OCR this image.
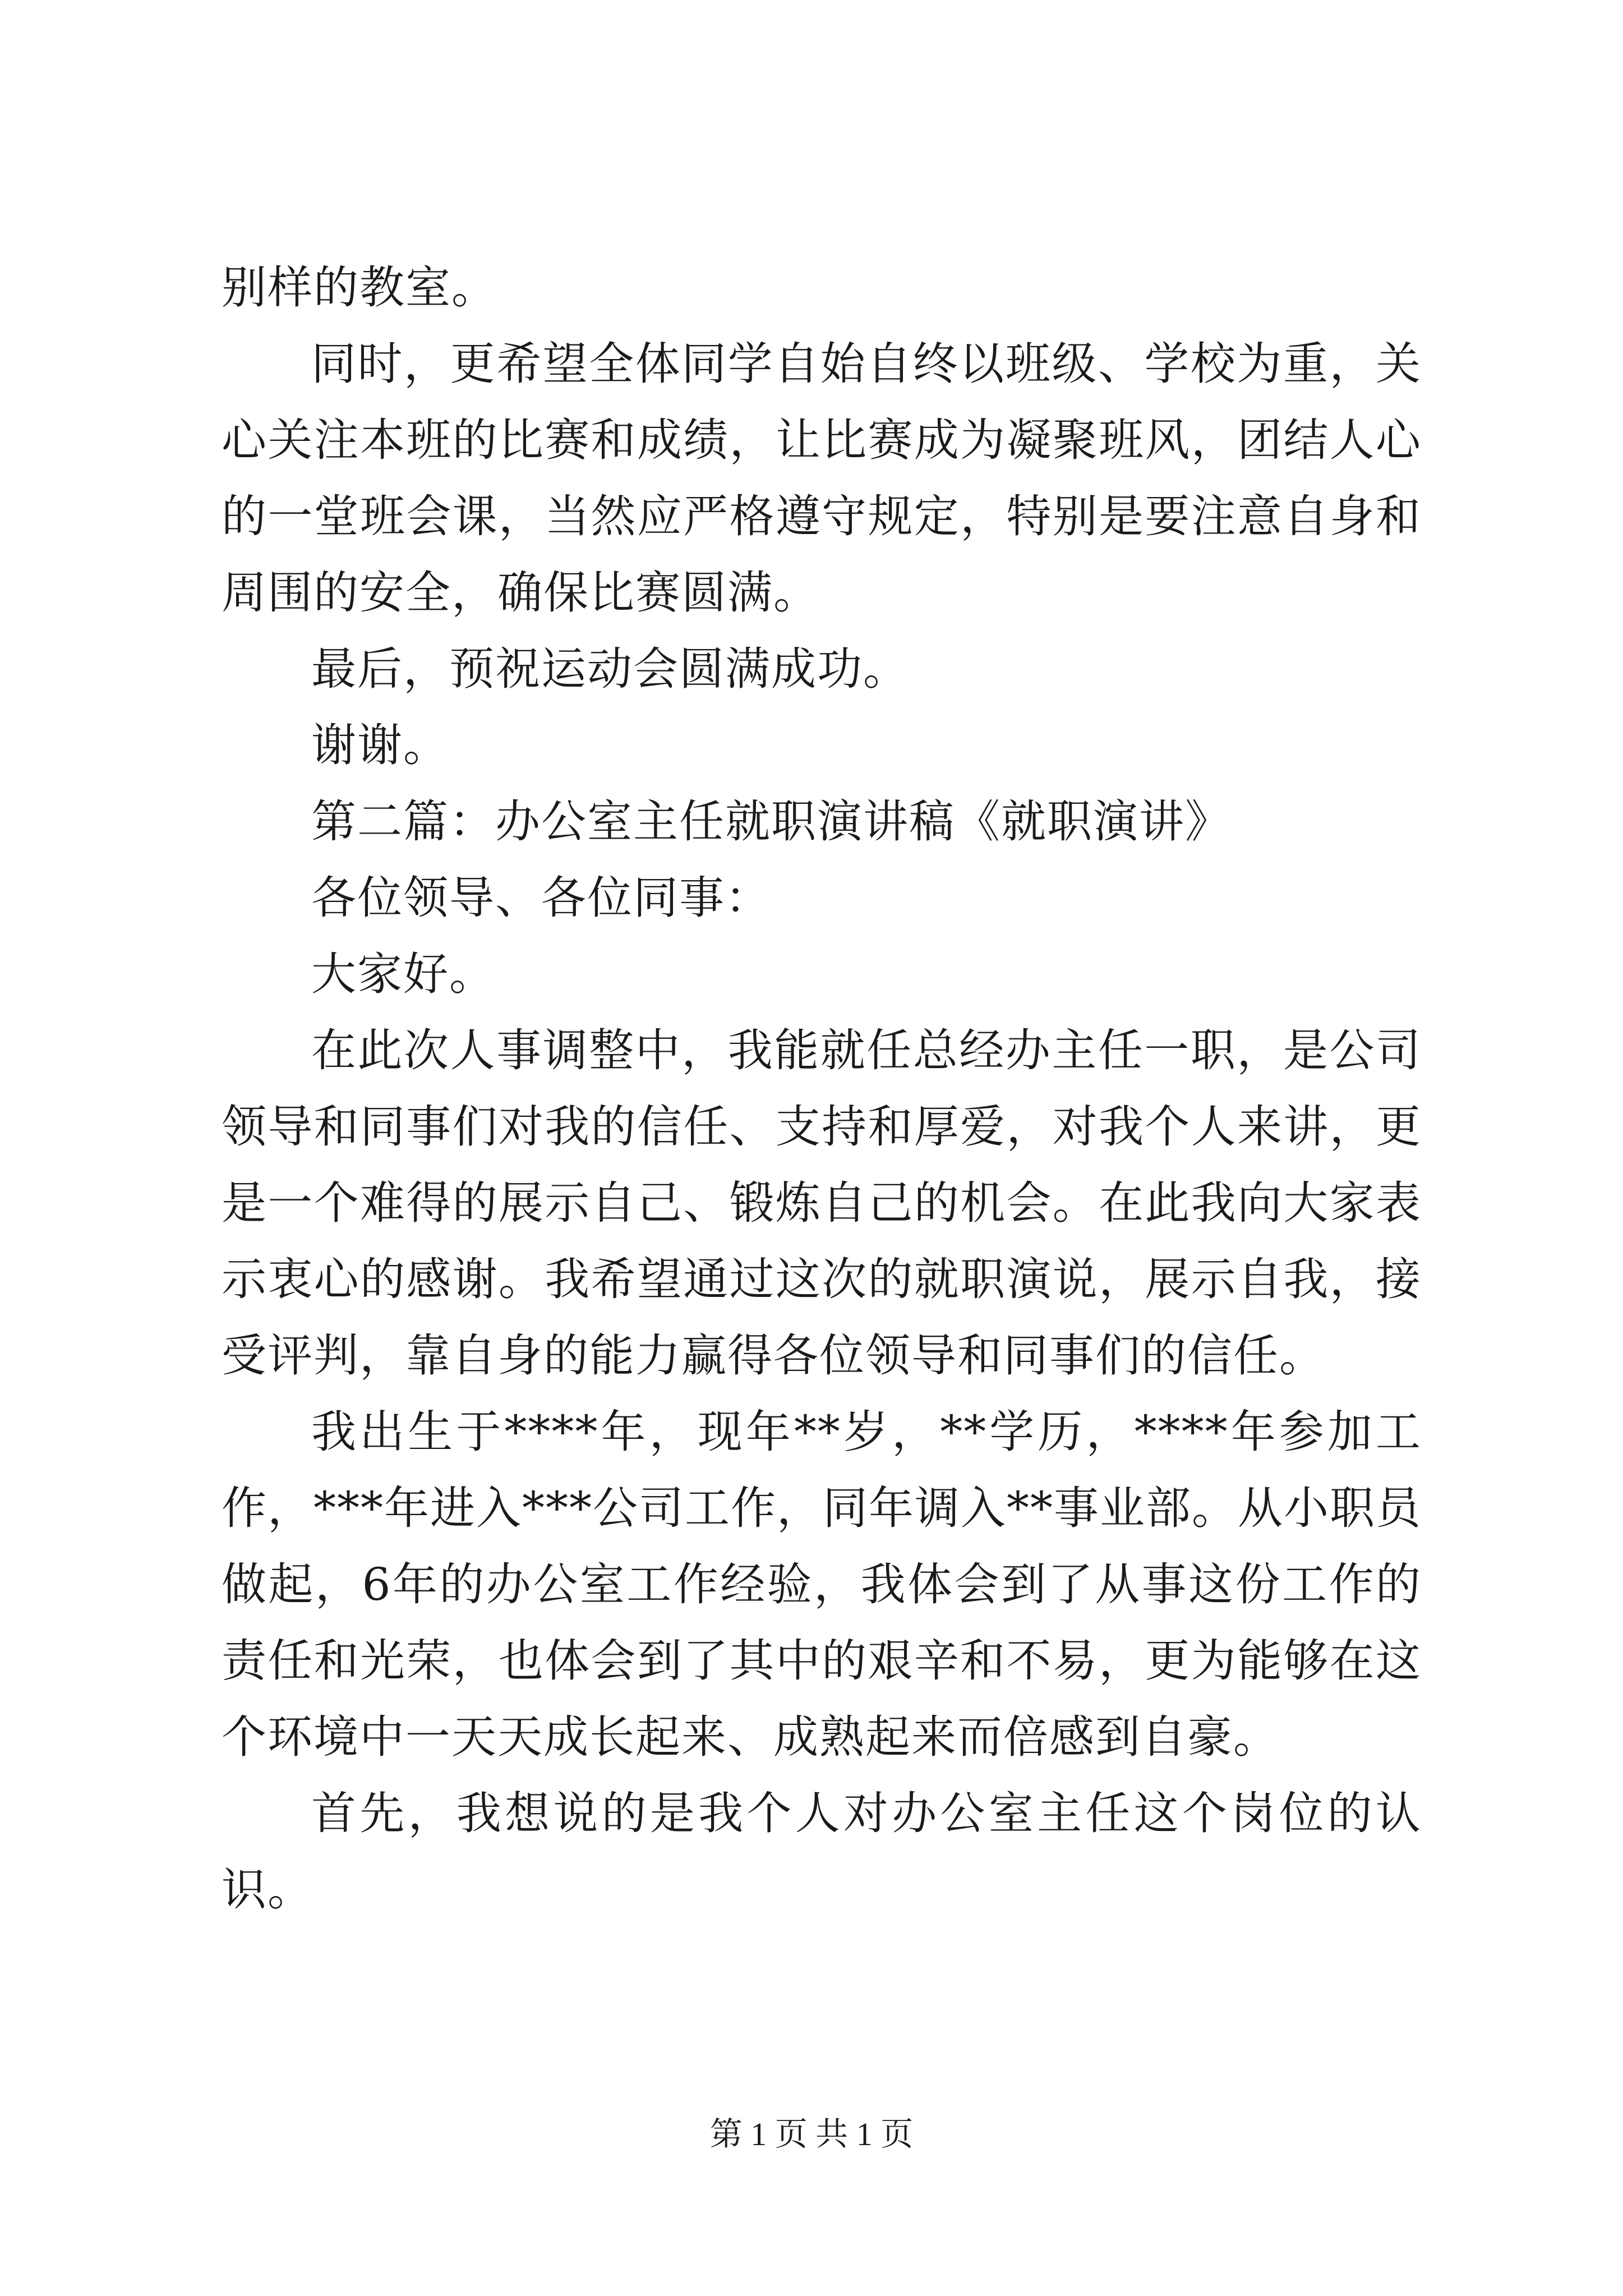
别样的教室。

同时，更希望全体同学自始自终以班级、学校为重，关心关注本班的比赛和成绩，让比赛成为凝聚班风，团结人心的一堂班会课，当然应严格遵守规定，特别是要注意自身和周围的安全，确保比赛圆满。

最后，预祝运动会圆满成功。

谢谢。

第二篇：办公室主任就职演讲稿《就职演讲》

各位领导、各位同事：

大家好。

在此次人事调整中，我能就任总经办主任一职，是公司领导和同事们对我的信任、支持和厚爱，对我个人来讲，更是一个难得的展示自己、锻炼自己的机会。在此我向大家表示衷心的感谢。我希望通过这次的就职演说，展示自我，接受评判，靠自身的能力赢得各位领导和同事们的信任。

我出生于****年，现年**岁，**学历，****年参加工作，***年进入***公司工作，同年调入**事业部。从小职员做起，6年的办公室工作经验，我体会到了从事这份工作的责任和光荣，也体会到了其中的艰辛和不易，更为能够在这个环境中一天天成长起来、成熟起来而倍感到自豪。

首先，我想说的是我个人对办公室主任这个岗位的认识。

第 1 页 共 1 页
